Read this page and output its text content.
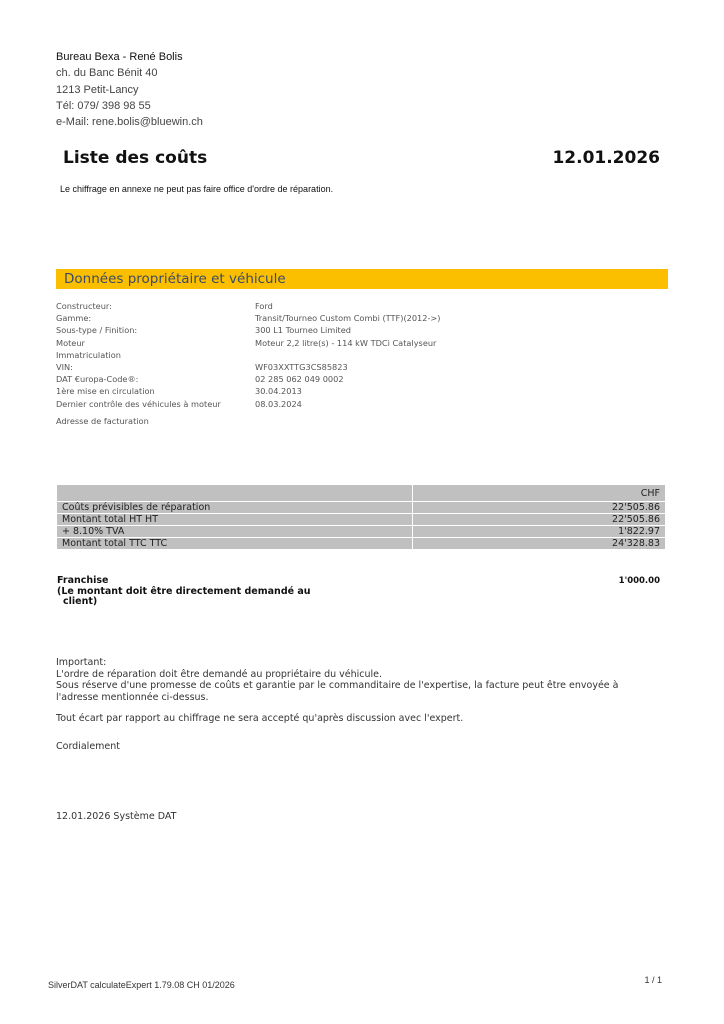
Bureau Bexa - René Bolis
ch. du Banc Bénit 40
1213 Petit-Lancy
Tél: 079/ 398 98 55
e-Mail: rene.bolis@bluewin.ch
Liste des coûts	12.01.2026
Le chiffrage en annexe ne peut pas faire office d'ordre de réparation.
Données propriétaire et véhicule
Constructeur:	Ford
Gamme:	Transit/Tourneo Custom Combi (TTF)(2012->)
Sous-type / Finition:	300 L1 Tourneo Limited
Moteur	Moteur 2,2 litre(s) - 114 kW TDCi Catalyseur
Immatriculation
VIN:	WF03XXTTG3CS85823
DAT €uropa-Code®:	02 285 062 049 0002
1ère mise en circulation	30.04.2013
Dernier contrôle des véhicules à moteur	08.03.2024
Adresse de facturation
	CHF
Coûts prévisibles de réparation	22'505.86
Montant total HT HT	22'505.86
+ 8.10% TVA	1'822.97
Montant total TTC TTC	24'328.83
Franchise
(Le montant doit être directement demandé au
client)
1'000.00
Important:
L'ordre de réparation doit être demandé au propriétaire du véhicule.
Sous réserve d'une promesse de coûts et garantie par le commanditaire de l'expertise, la facture peut être envoyée à l'adresse mentionnée ci-dessus.
Tout écart par rapport au chiffrage ne sera accepté qu'après discussion avec l'expert.
Cordialement
12.01.2026 Système DAT
SilverDAT calculateExpert 1.79.08 CH 01/2026	1 / 1
